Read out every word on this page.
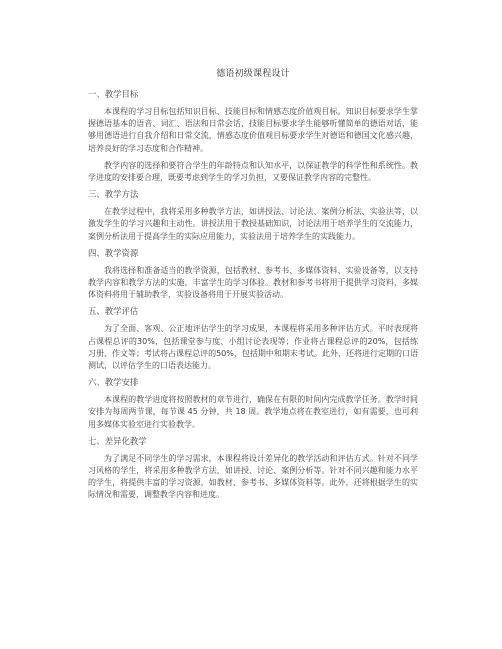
德语初级课程设计
一、教学目标

本课程的学习目标包括知识目标、技能目标和情感态度价值观目标。知识目标要求学生掌握德语基本的语音、词汇、语法和日常会话，技能目标要求学生能够听懂简单的德语对话，能够用德语进行自我介绍和日常交流，情感态度价值观目标要求学生对德语和德国文化感兴趣，培养良好的学习态度和合作精神。

教学内容的选择和要符合学生的年龄特点和认知水平，以保证教学的科学性和系统性。教学进度的安排要合理，既要考虑到学生的学习负担，又要保证教学内容的完整性。

三、教学方法

在教学过程中，我将采用多种教学方法，如讲授法、讨论法、案例分析法、实验法等，以激发学生的学习兴趣和主动性。讲授法用于教授基础知识，讨论法用于培养学生的交流能力，案例分析法用于提高学生的实际应用能力，实验法用于培养学生的实践能力。

四、教学资源

我将选择和准备适当的教学资源，包括教材、参考书、多媒体资料、实验设备等，以支持教学内容和教学方法的实施，丰富学生的学习体验。教材和参考书将用于提供学习资料，多媒体资料将用于辅助教学，实验设备将用于开展实验活动。

五、教学评估

为了全面、客观、公正地评估学生的学习成果，本课程将采用多种评估方式。平时表现将占课程总评的30%，包括课堂参与度、小组讨论表现等；作业将占课程总评的20%，包括练习册、作文等；考试将占课程总评的50%，包括期中和期末考试。此外，还将进行定期的口语测试，以评估学生的口语表达能力。

六、教学安排

本课程的教学进度将按照教材的章节进行，确保在有限的时间内完成教学任务。教学时间安排为每周两节课，每节课 45 分钟，共 18 周。教学地点将在教室进行，如有需要，也可利用多媒体实验室进行实验教学。

七、差异化教学

为了满足不同学生的学习需求，本课程将设计差异化的教学活动和评估方式。针对不同学习风格的学生，将采用多种教学方法，如讲授、讨论、案例分析等。针对不同兴趣和能力水平的学生，将提供丰富的学习资源，如教材、参考书、多媒体资料等。此外，还将根据学生的实际情况和需要，调整教学内容和进度。
